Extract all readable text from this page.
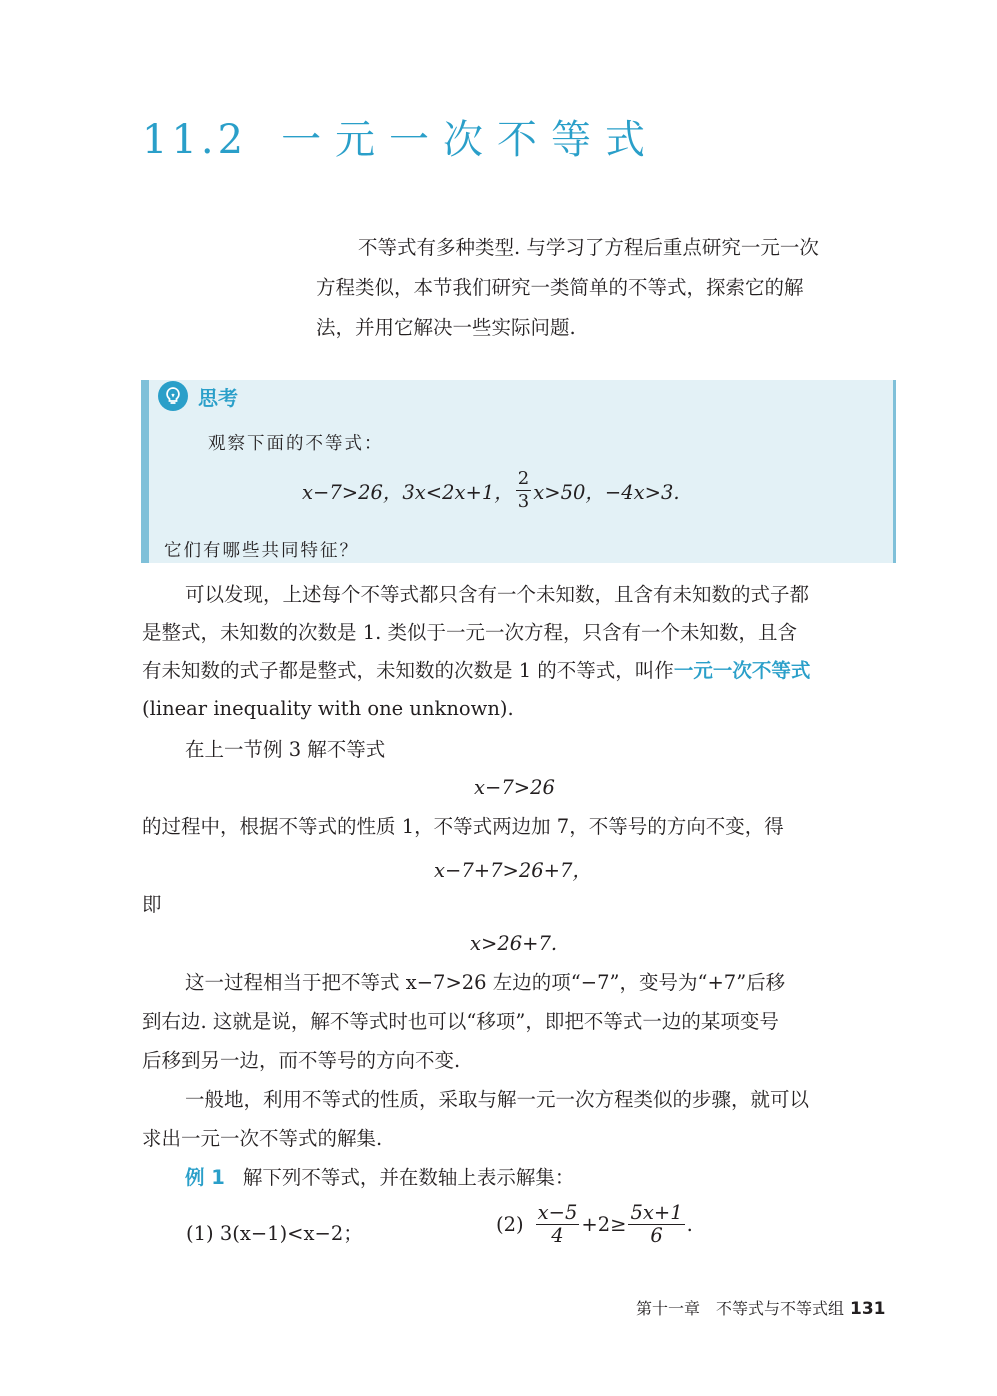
11.2 一元一次不等式
不等式有多种类型. 与学习了方程后重点研究一元一次
方程类似，本节我们研究一类简单的不等式，探索它的解
法，并用它解决一些实际问题.
思考
观察下面的不等式：
x−7>26，3x<2x+1， $\frac{2}{3} x>50$，−4x>3.
它们有哪些共同特征？
可以发现，上述每个不等式都只含有一个未知数，且含有未知数的式子都
是整式，未知数的次数是 1. 类似于一元一次方程，只含有一个未知数，且含
有未知数的式子都是整式，未知数的次数是 1 的不等式，叫作一元一次不等式
(linear inequality with one unknown).
在上一节例 3 解不等式
x−7>26
的过程中，根据不等式的性质 1，不等式两边加 7，不等号的方向不变，得
x−7+7>26+7，
即
x>26+7.
这一过程相当于把不等式 x−7>26 左边的项“−7”，变号为“+7”后移
到右边. 这就是说，解不等式时也可以“移项”，即把不等式一边的某项变号
后移到另一边，而不等号的方向不变.
一般地，利用不等式的性质，采取与解一元一次方程类似的步骤，就可以
求出一元一次不等式的解集.
例 1 解下列不等式，并在数轴上表示解集：
(1) 3(x−1)<x−2；	$(2) \frac{x-5}{4} +2\ge \frac{5x+1}{6}$ .
第十一章　不等式与不等式组 131
